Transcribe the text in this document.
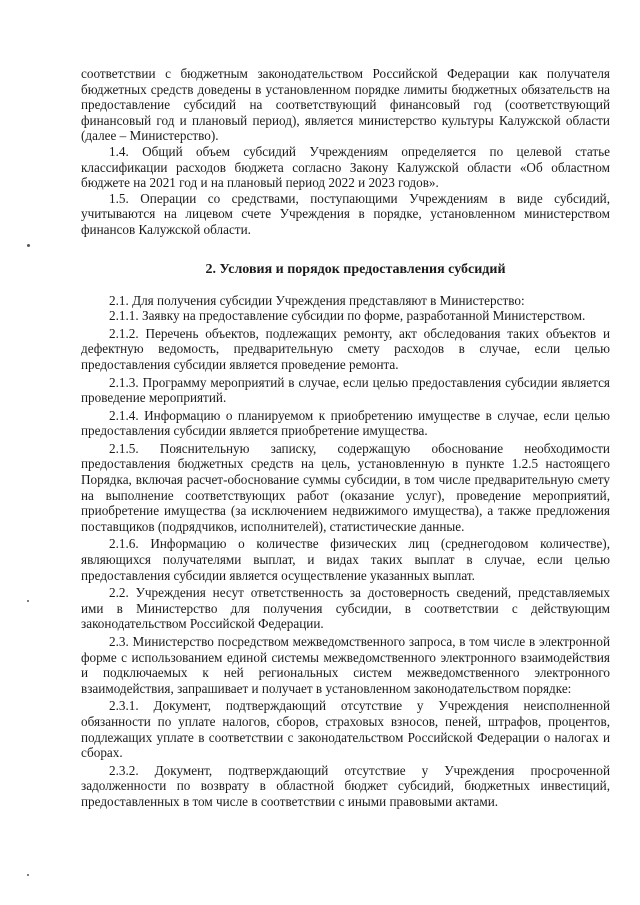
соответствии с бюджетным законодательством Российской Федерации как получателя бюджетных средств доведены в установленном порядке лимиты бюджетных обязательств на предоставление субсидий на соответствующий финансовый год (соответствующий финансовый год и плановый период), является министерство культуры Калужской области (далее – Министерство).

1.4. Общий объем субсидий Учреждениям определяется по целевой статье классификации расходов бюджета согласно Закону Калужской области «Об областном бюджете на 2021 год и на плановый период 2022 и 2023 годов».

1.5. Операции со средствами, поступающими Учреждениям в виде субсидий, учитываются на лицевом счете Учреждения в порядке, установленном министерством финансов Калужской области.

2. Условия и порядок предоставления субсидий

2.1. Для получения субсидии Учреждения представляют в Министерство:

2.1.1. Заявку на предоставление субсидии по форме, разработанной Министерством.

2.1.2. Перечень объектов, подлежащих ремонту, акт обследования таких объектов и дефектную ведомость, предварительную смету расходов в случае, если целью предоставления субсидии является проведение ремонта.

2.1.3. Программу мероприятий в случае, если целью предоставления субсидии является проведение мероприятий.

2.1.4. Информацию о планируемом к приобретению имуществе в случае, если целью предоставления субсидии является приобретение имущества.

2.1.5. Пояснительную записку, содержащую обоснование необходимости предоставления бюджетных средств на цель, установленную в пункте 1.2.5 настоящего Порядка, включая расчет-обоснование суммы субсидии, в том числе предварительную смету на выполнение соответствующих работ (оказание услуг), проведение мероприятий, приобретение имущества (за исключением недвижимого имущества), а также предложения поставщиков (подрядчиков, исполнителей), статистические данные.

2.1.6. Информацию о количестве физических лиц (среднегодовом количестве), являющихся получателями выплат, и видах таких выплат в случае, если целью предоставления субсидии является осуществление указанных выплат.

2.2. Учреждения несут ответственность за достоверность сведений, представляемых ими в Министерство для получения субсидии, в соответствии с действующим законодательством Российской Федерации.

2.3. Министерство посредством межведомственного запроса, в том числе в электронной форме с использованием единой системы межведомственного электронного взаимодействия и подключаемых к ней региональных систем межведомственного электронного взаимодействия, запрашивает и получает в установленном законодательством порядке:

2.3.1. Документ, подтверждающий отсутствие у Учреждения неисполненной обязанности по уплате налогов, сборов, страховых взносов, пеней, штрафов, процентов, подлежащих уплате в соответствии с законодательством Российской Федерации о налогах и сборах.

2.3.2. Документ, подтверждающий отсутствие у Учреждения просроченной задолженности по возврату в областной бюджет субсидий, бюджетных инвестиций, предоставленных в том числе в соответствии с иными правовыми актами.
